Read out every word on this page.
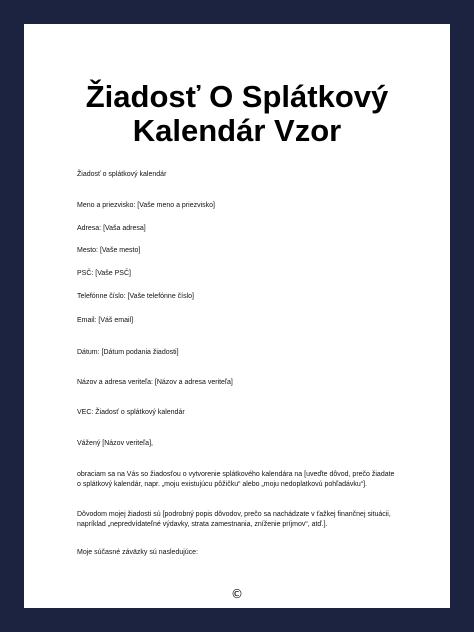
Žiadosť O Splátkový
Kalendár Vzor

Žiadosť o splátkový kalendár

Meno a priezvisko: [Vaše meno a priezvisko]

Adresa: [Vaša adresa]

Mesto: [Vaše mesto]

PSČ: [Vaše PSČ]

Telefónne číslo: [Vaše telefónne číslo]

Email: [Váš email]

Dátum: [Dátum podania žiadosti]

Názov a adresa veriteľa: [Názov a adresa veriteľa]

VEC: Žiadosť o splátkový kalendár

Vážený [Názov veriteľa],

obraciam sa na Vás so žiadosťou o vytvorenie splátkového kalendára na [uveďte dôvod, prečo žiadate o splátkový kalendár, napr. „moju existujúcu pôžičku“ alebo „moju nedoplatkovú pohľadávku“].

Dôvodom mojej žiadosti sú [podrobný popis dôvodov, prečo sa nachádzate v ťažkej finančnej situácii, napríklad „nepredvídateľné výdavky, strata zamestnania, zníženie príjmov“, atď.].

Moje súčasné záväzky sú nasledujúce:

©
